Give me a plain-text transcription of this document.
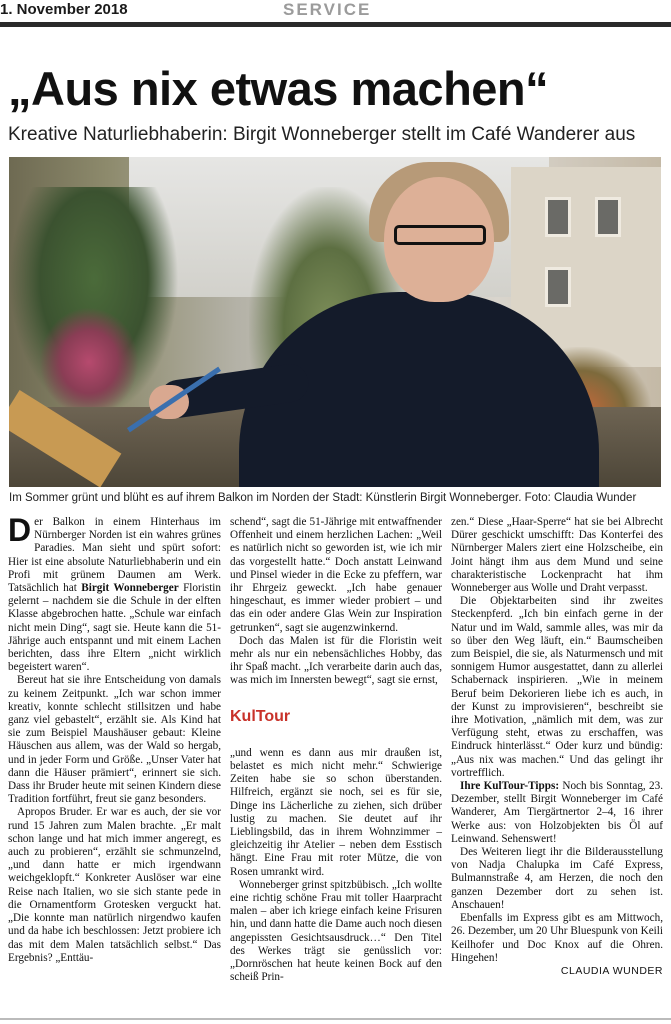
1. November 2018	SERVICE
„Aus nix etwas machen“
Kreative Naturliebhaberin: Birgit Wonneberger stellt im Café Wanderer aus
Im Sommer grünt und blüht es auf ihrem Balkon im Norden der Stadt: Künstlerin Birgit Wonneberger. Foto: Claudia Wunder

Der Balkon in einem Hinterhaus im Nürnberger Norden ist ein wahres grünes Paradies. Man sieht und spürt sofort: Hier ist eine absolute Naturliebhaberin und ein Profi mit grünem Daumen am Werk. Tatsächlich hat Birgit Wonneberger Floristin gelernt – nachdem sie die Schule in der elften Klasse abgebrochen hatte. „Schule war einfach nicht mein Ding“, sagt sie. Heute kann die 51-Jährige auch entspannt und mit einem Lachen berichten, dass ihre Eltern „nicht wirklich begeistert waren“.

Bereut hat sie ihre Entscheidung von damals zu keinem Zeitpunkt. „Ich war schon immer kreativ, konnte schlecht stillsitzen und habe ganz viel gebastelt“, erzählt sie. Als Kind hat sie zum Beispiel Maushäuser gebaut: Kleine Häuschen aus allem, was der Wald so hergab, und in jeder Form und Größe. „Unser Vater hat dann die Häuser prämiert“, erinnert sie sich. Dass ihr Bruder heute mit seinen Kindern diese Tradition fortführt, freut sie ganz besonders.

Apropos Bruder. Er war es auch, der sie vor rund 15 Jahren zum Malen brachte. „Er malt schon lange und hat mich immer angeregt, es auch zu probieren“, erzählt sie schmunzelnd, „und dann hatte er mich irgendwann weichgeklopft.“ Konkreter Auslöser war eine Reise nach Italien, wo sie sich stante pede in die Ornamentform Grotesken verguckt hat. „Die konnte man natürlich nirgendwo kaufen und da habe ich beschlossen: Jetzt probiere ich das mit dem Malen tatsächlich selbst.“ Das Ergebnis? „Enttäu-

schend“, sagt die 51-Jährige mit entwaffnender Offenheit und einem herzlichen Lachen: „Weil es natürlich nicht so geworden ist, wie ich mir das vorgestellt hatte.“ Doch anstatt Leinwand und Pinsel wieder in die Ecke zu pfeffern, war ihr Ehrgeiz geweckt. „Ich habe genauer hingeschaut, es immer wieder probiert – und das ein oder andere Glas Wein zur Inspiration getrunken“, sagt sie augenzwinkernd.

Doch das Malen ist für die Floristin weit mehr als nur ein nebensächliches Hobby, das ihr Spaß macht. „Ich verarbeite darin auch das, was mich im Innersten bewegt“, sagt sie ernst,

KulTour

„und wenn es dann aus mir draußen ist, belastet es mich nicht mehr.“ Schwierige Zeiten habe sie so schon überstanden. Hilfreich, ergänzt sie noch, sei es für sie, Dinge ins Lächerliche zu ziehen, sich drüber lustig zu machen. Sie deutet auf ihr Lieblingsbild, das in ihrem Wohnzimmer – gleichzeitig ihr Atelier – neben dem Esstisch hängt. Eine Frau mit roter Mütze, die von Rosen umrankt wird.

Wonneberger grinst spitzbübisch. „Ich wollte eine richtig schöne Frau mit toller Haarpracht malen – aber ich kriege einfach keine Frisuren hin, und dann hatte die Dame auch noch diesen angepissten Gesichtsausdruck…“ Den Titel des Werkes trägt sie genüsslich vor: „Dornröschen hat heute keinen Bock auf den scheiß Prin-

zen.“ Diese „Haar-Sperre“ hat sie bei Albrecht Dürer geschickt umschifft: Das Konterfei des Nürnberger Malers ziert eine Holzscheibe, ein Joint hängt ihm aus dem Mund und seine charakteristische Lockenpracht hat ihm Wonneberger aus Wolle und Draht verpasst.

Die Objektarbeiten sind ihr zweites Steckenpferd. „Ich bin einfach gerne in der Natur und im Wald, sammle alles, was mir da so über den Weg läuft, ein.“ Baumscheiben zum Beispiel, die sie, als Naturmensch und mit sonnigem Humor ausgestattet, dann zu allerlei Schabernack inspirieren. „Wie in meinem Beruf beim Dekorieren liebe ich es auch, in der Kunst zu improvisieren“, beschreibt sie ihre Motivation, „nämlich mit dem, was zur Verfügung steht, etwas zu erschaffen, was Eindruck hinterlässt.“ Oder kurz und bündig: „Aus nix was machen.“ Und das gelingt ihr vortrefflich.

Ihre KulTour-Tipps: Noch bis Sonntag, 23. Dezember, stellt Birgit Wonneberger im Café Wanderer, Am Tiergärtnertor 2–4, 16 ihrer Werke aus: von Holzobjekten bis Öl auf Leinwand. Sehenswert!

Des Weiteren liegt ihr die Bilderausstellung von Nadja Chalupka im Café Express, Bulmannstraße 4, am Herzen, die noch den ganzen Dezember dort zu sehen ist. Anschauen!

Ebenfalls im Express gibt es am Mittwoch, 26. Dezember, um 20 Uhr Bluespunk von Keili Keilhofer und Doc Knox auf die Ohren. Hingehen!

CLAUDIA WUNDER
